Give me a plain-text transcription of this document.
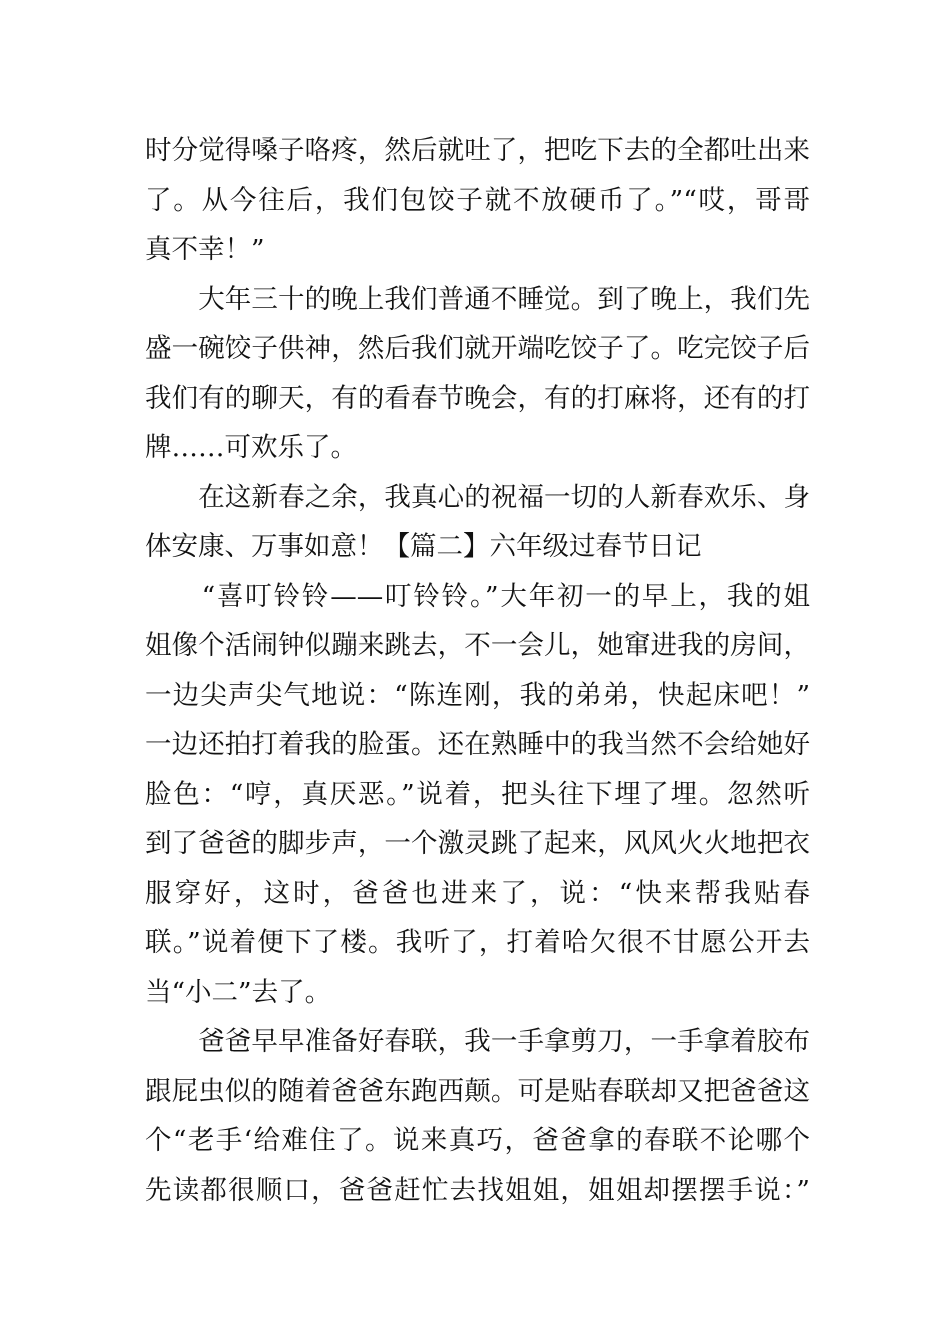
时分觉得嗓子咯疼，然后就吐了，把吃下去的全都吐出来
了。从今往后，我们包饺子就不放硬币了。”“哎，哥哥
真不幸！”
　　大年三十的晚上我们普通不睡觉。到了晚上，我们先
盛一碗饺子供神，然后我们就开端吃饺子了。吃完饺子后
我们有的聊天，有的看春节晚会，有的打麻将，还有的打
牌……可欢乐了。
　　在这新春之余，我真心的祝福一切的人新春欢乐、身
体安康、万事如意！【篇二】六年级过春节日记
　　“喜叮铃铃——叮铃铃。”大年初一的早上，我的姐
姐像个活闹钟似蹦来跳去，不一会儿，她窜进我的房间，
一边尖声尖气地说：“陈连刚，我的弟弟，快起床吧！”
一边还拍打着我的脸蛋。还在熟睡中的我当然不会给她好
脸色：“哼，真厌恶。”说着，把头往下埋了埋。忽然听
到了爸爸的脚步声，一个激灵跳了起来，风风火火地把衣
服穿好，这时，爸爸也进来了，说：“快来帮我贴春
联。”说着便下了楼。我听了，打着哈欠很不甘愿公开去
当“小二”去了。
　　爸爸早早准备好春联，我一手拿剪刀，一手拿着胶布
跟屁虫似的随着爸爸东跑西颠。可是贴春联却又把爸爸这
个“老手‘给难住了。说来真巧，爸爸拿的春联不论哪个
先读都很顺口，爸爸赶忙去找姐姐，姐姐却摆摆手说：”
